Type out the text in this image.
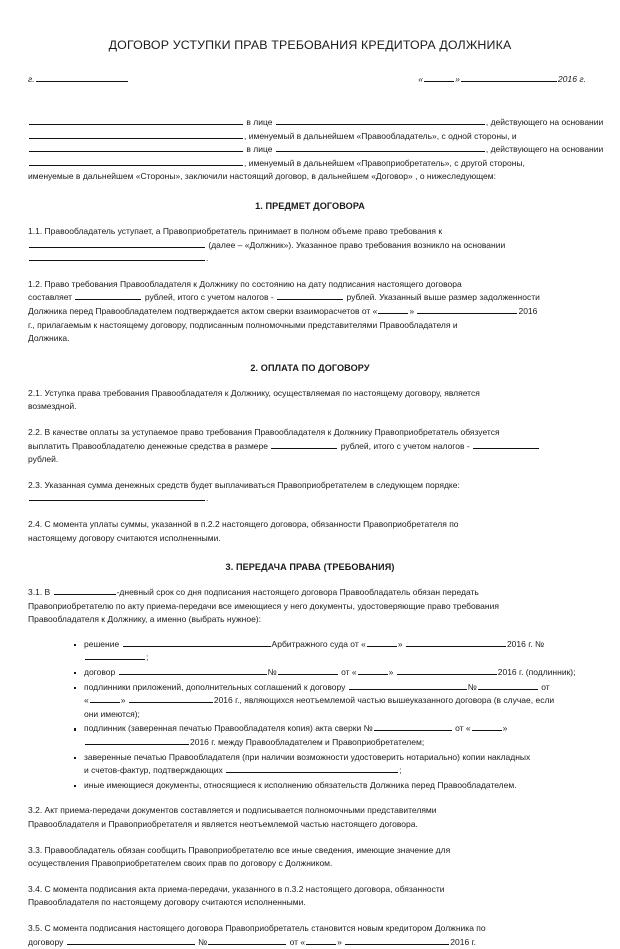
ДОГОВОР УСТУПКИ ПРАВ ТРЕБОВАНИЯ КРЕДИТОРА ДОЛЖНИКА
г.	«	»	2016 г.

в лице	, действующего на основании

, именуемый в дальнейшем «Правообладатель», с одной стороны, и

в лице	, действующего на основании

, именуемый в дальнейшем «Правоприобретатель», с другой стороны,

именуемые в дальнейшем «Стороны», заключили настоящий договор, в дальнейшем «Договор» , о нижеследующем:

1. ПРЕДМЕТ ДОГОВОРА

1.1. Правообладатель уступает, а Правоприобретатель принимает в полном объеме право требования к
(далее – «Должник»). Указанное право требования возникло на основании
.

1.2. Право требования Правообладателя к Должнику по состоянию на дату подписания настоящего договора
составляет	рублей, итого с учетом налогов -	рублей. Указанный выше размер задолженности
Должника перед Правообладателем подтверждается актом сверки взаиморасчетов от «	»	2016
г., прилагаемым к настоящему договору, подписанным полномочными представителями Правообладателя и
Должника.

2. ОПЛАТА ПО ДОГОВОРУ

2.1. Уступка права требования Правообладателя к Должнику, осуществляемая по настоящему договору, является
возмездной.

2.2. В качестве оплаты за уступаемое право требования Правообладателя к Должнику Правоприобретатель обязуется
выплатить Правообладателю денежные средства в размере	рублей, итого с учетом налогов -
рублей.

2.3. Указанная сумма денежных средств будет выплачиваться Правоприобретателем в следующем порядке:
.

2.4. С момента уплаты суммы, указанной в п.2.2 настоящего договора, обязанности Правоприобретателя по
настоящему договору считаются исполненными.

3. ПЕРЕДАЧА ПРАВА (ТРЕБОВАНИЯ)

3.1. В	-дневный срок со дня подписания настоящего договора Правообладатель обязан передать
Правоприобретателю по акту приема-передачи все имеющиеся у него документы, удостоверяющие право требования
Правообладателя к Должнику, а именно (выбрать нужное):

решение	Арбитражного суда от «	»	2016 г. №;
договор	№	от «	»	2016 г. (подлинник);
подлинники приложений, дополнительных соглашений к договору	№	от
«	»	2016 г., являющихся неотъемлемой частью вышеуказанного договора (в случае, если
они имеются);
подлинник (заверенная печатью Правообладателя копия) акта сверки №	от «	»
2016 г. между Правообладателем и Правоприобретателем;
заверенные печатью Правообладателя (при наличии возможности удостоверить нотариально) копии накладных
и счетов-фактур, подтверждающих	;
иные имеющиеся документы, относящиеся к исполнению обязательств Должника перед Правообладателем.

3.2. Акт приема-передачи документов составляется и подписывается полномочными представителями
Правообладателя и Правоприобретателя и является неотъемлемой частью настоящего договора.

3.3. Правообладатель обязан сообщить Правоприобретателю все иные сведения, имеющие значение для
осуществления Правоприобретателем своих прав по договору с Должником.

3.4. С момента подписания акта приема-передачи, указанного в п.3.2 настоящего договора, обязанности
Правообладателя по настоящему договору считаются исполненными.

3.5. С момента подписания настоящего договора Правоприобретатель становится новым кредитором Должника по
договору	№	от «	»	2016 г.
